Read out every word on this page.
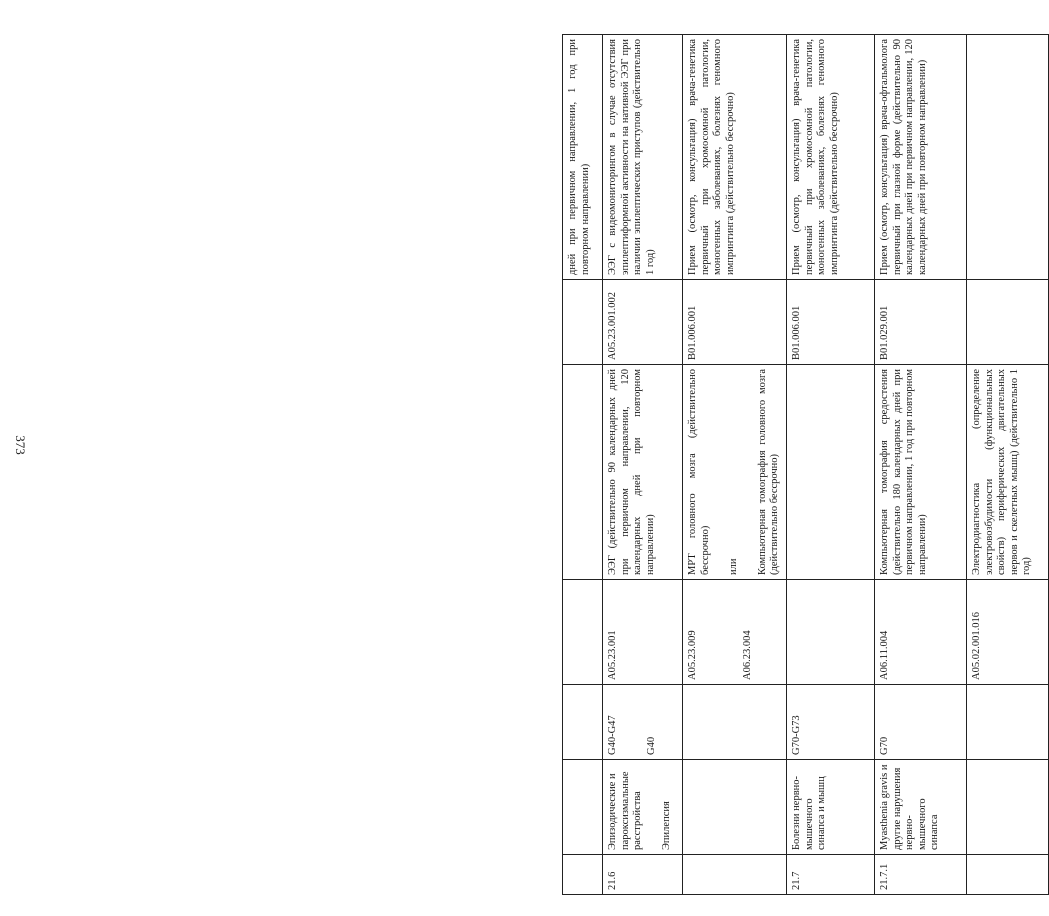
373
						дней при первичном направлении, 1 год при повторном направлении)
21.6	Эпизодические и пароксизмальные расстройства Эпилепсия	G40-G47 G40	A05.23.001	ЭЭГ (действительно 90 календарных дней при первичном направлении, 120 календарных дней при повторном направлении)	A05.23.001.002	ЭЭГ с видеомониторингом в случае отсутствия эпилептиформной активности на нативной ЭЭГ при наличии эпилептических приступов (действительно 1 год)

			A05.23.009 A06.23.004	МРТ головного мозга (действительно бессрочно) или Компьютерная томография головного мозга (действительно бессрочно)	B01.006.001	Прием (осмотр, консультация) врача-генетика первичный при хромосомной патологии, моногенных заболеваниях, болезнях геномного импринтинга (действительно бессрочно)
21.7	Болезни нервно-мышечного синапса и мышц	G70-G73			B01.006.001	Прием (осмотр, консультация) врача-генетика первичный при хромосомной патологии, моногенных заболеваниях, болезнях геномного импринтинга (действительно бессрочно)
21.7.1	Myasthenia gravis и другие нарушения нервно-мышечного синапса	G70	A06.11.004	Компьютерная томография средостения (действительно 180 календарных дней при первичном направлении, 1 год при повторном направлении)	B01.029.001	Прием (осмотр, консультация) врача-офтальмолога первичный при глазной форме (действительно 90 календарных дней при первичном направлении, 120 календарных дней при повторном направлении)
			A05.02.001.016	Электродиагностика (определение электровозбудимости (функциональных свойств) периферических двигательных нервов и скелетных мышц) (действительно 1 год)		
